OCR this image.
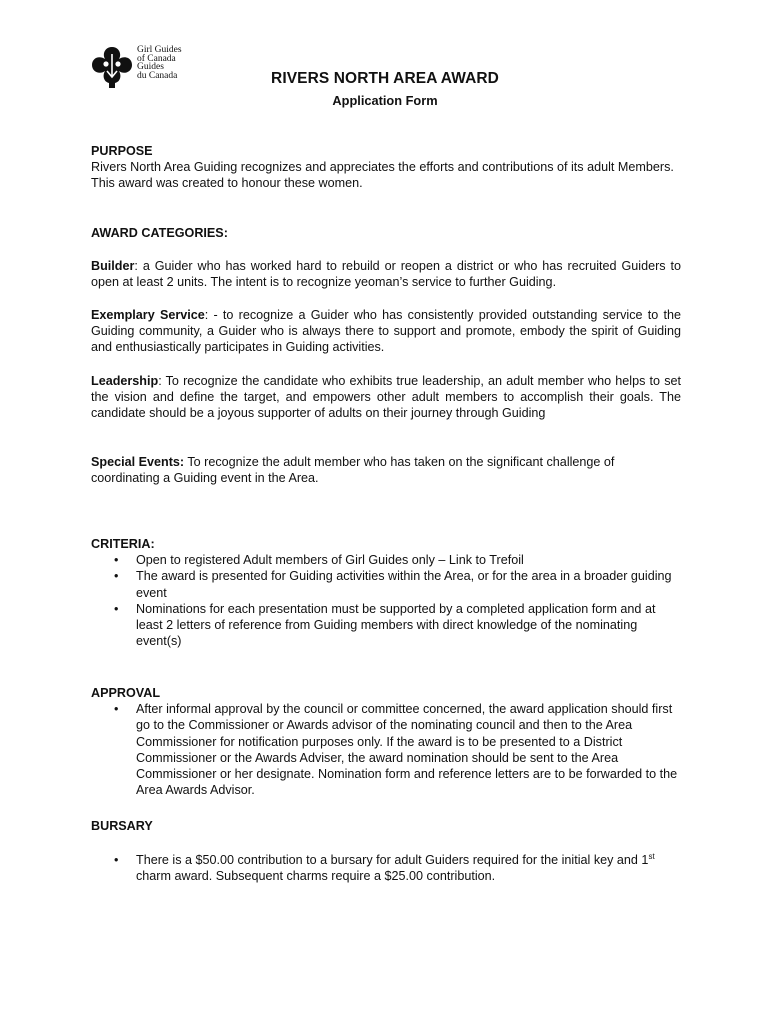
Girl Guides
of Canada
Guides
du Canada	RIVERS NORTH AREA AWARD
Application Form

PURPOSE

Rivers North Area Guiding recognizes and appreciates the efforts and contributions of its adult Members. This award was created to honour these women.

AWARD CATEGORIES:

Builder: a Guider who has worked hard to rebuild or reopen a district or who has recruited Guiders to open at least 2 units. The intent is to recognize yeoman’s service to further Guiding.

Exemplary Service: - to recognize a Guider who has consistently provided outstanding service to the Guiding community, a Guider who is always there to support and promote, embody the spirit of Guiding and enthusiastically participates in Guiding activities.

Leadership: To recognize the candidate who exhibits true leadership, an adult member who helps to set the vision and define the target, and empowers other adult members to accomplish their goals. The candidate should be a joyous supporter of adults on their journey through Guiding

Special Events: To recognize the adult member who has taken on the significant challenge of coordinating a Guiding event in the Area.

CRITERIA:

• Open to registered Adult members of Girl Guides only – Link to Trefoil
• The award is presented for Guiding activities within the Area, or for the area in a broader guiding event
• Nominations for each presentation must be supported by a completed application form and at least 2 letters of reference from Guiding members with direct knowledge of the nominating event(s)

APPROVAL

• After informal approval by the council or committee concerned, the award application should first go to the Commissioner or Awards advisor of the nominating council and then to the Area Commissioner for notification purposes only. If the award is to be presented to a District Commissioner or the Awards Adviser, the award nomination should be sent to the Area Commissioner or her designate. Nomination form and reference letters are to be forwarded to the Area Awards Advisor.

BURSARY

• There is a $50.00 contribution to a bursary for adult Guiders required for the initial key and 1st charm award. Subsequent charms require a $25.00 contribution.
